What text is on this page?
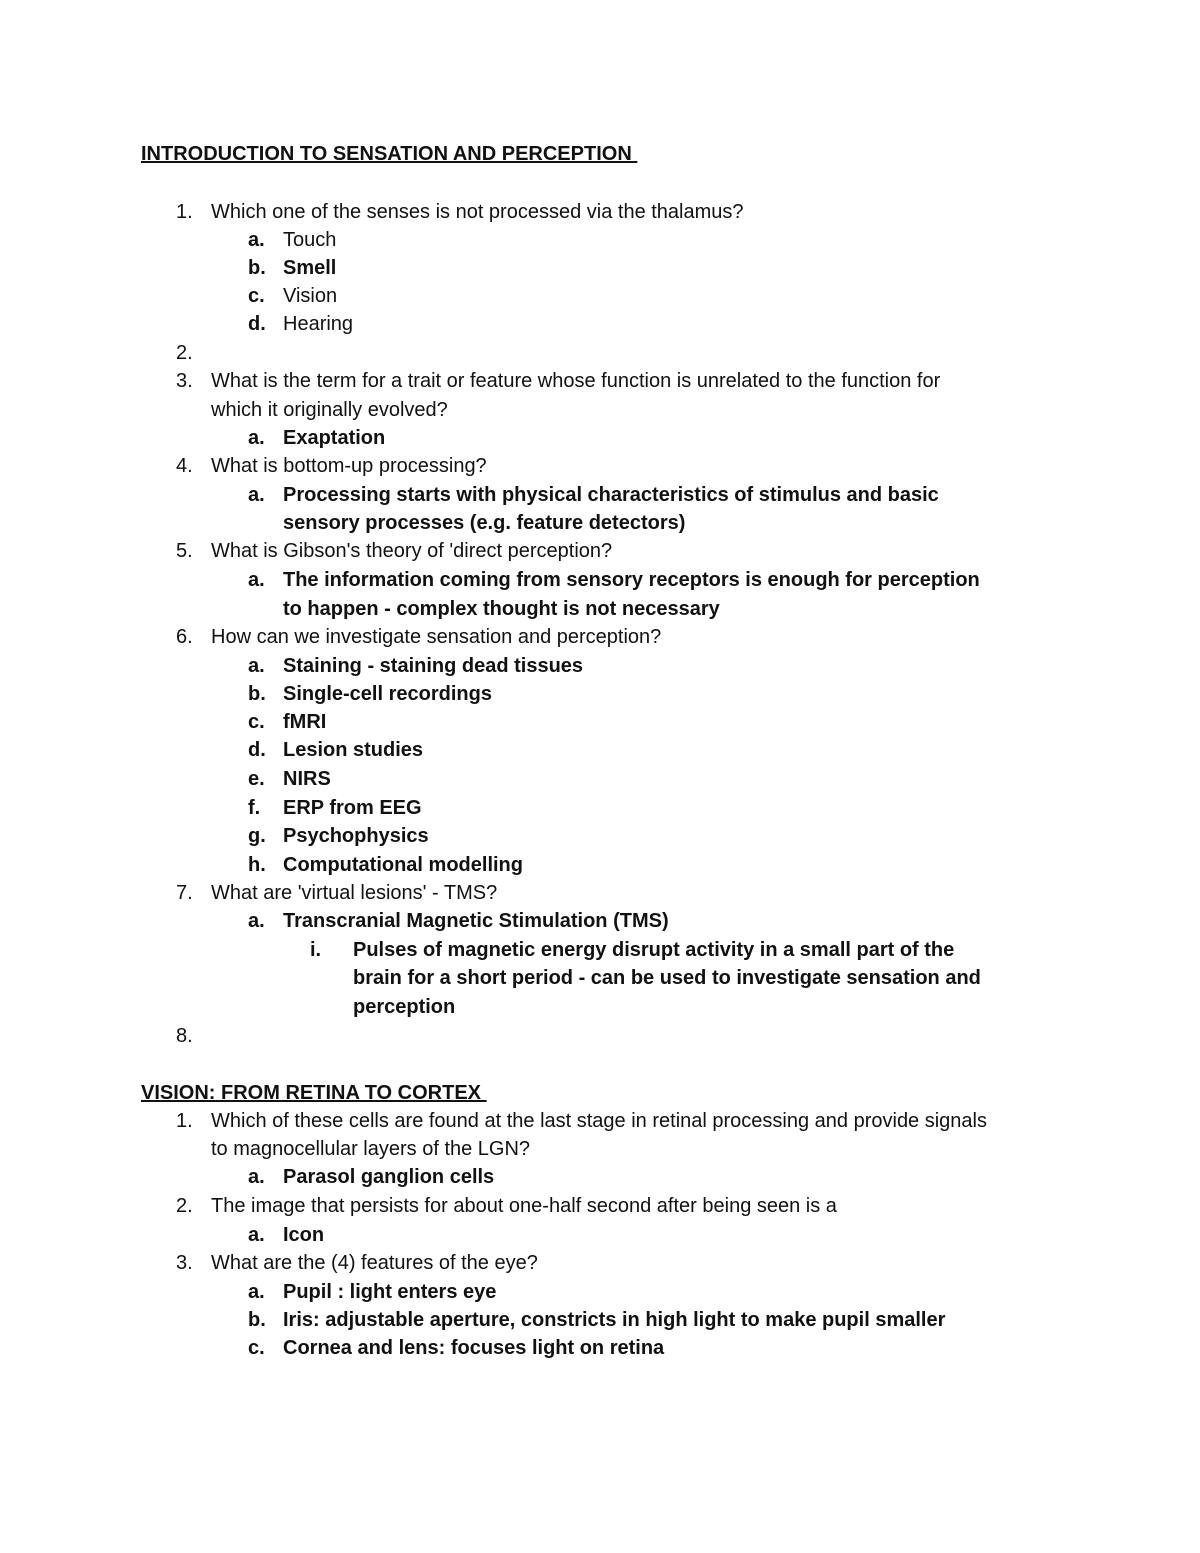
INTRODUCTION TO SENSATION AND PERCEPTION
1. Which one of the senses is not processed via the thalamus?
a. Touch
b. Smell
c. Vision
d. Hearing
2.
3. What is the term for a trait or feature whose function is unrelated to the function for
which it originally evolved?
a. Exaptation
4. What is bottom-up processing?
a. Processing starts with physical characteristics of stimulus and basic
sensory processes (e.g. feature detectors)
5. What is Gibson's theory of 'direct perception?
a. The information coming from sensory receptors is enough for perception
to happen - complex thought is not necessary
6. How can we investigate sensation and perception?
a. Staining - staining dead tissues
b. Single-cell recordings
c. fMRI
d. Lesion studies
e. NIRS
f. ERP from EEG
g. Psychophysics
h. Computational modelling
7. What are 'virtual lesions' - TMS?
a. Transcranial Magnetic Stimulation (TMS)
i. Pulses of magnetic energy disrupt activity in a small part of the
brain for a short period - can be used to investigate sensation and
perception
8.
VISION: FROM RETINA TO CORTEX
1. Which of these cells are found at the last stage in retinal processing and provide signals
to magnocellular layers of the LGN?
a. Parasol ganglion cells
2. The image that persists for about one-half second after being seen is a
a. Icon
3. What are the (4) features of the eye?
a. Pupil : light enters eye
b. Iris: adjustable aperture, constricts in high light to make pupil smaller
c. Cornea and lens: focuses light on retina
